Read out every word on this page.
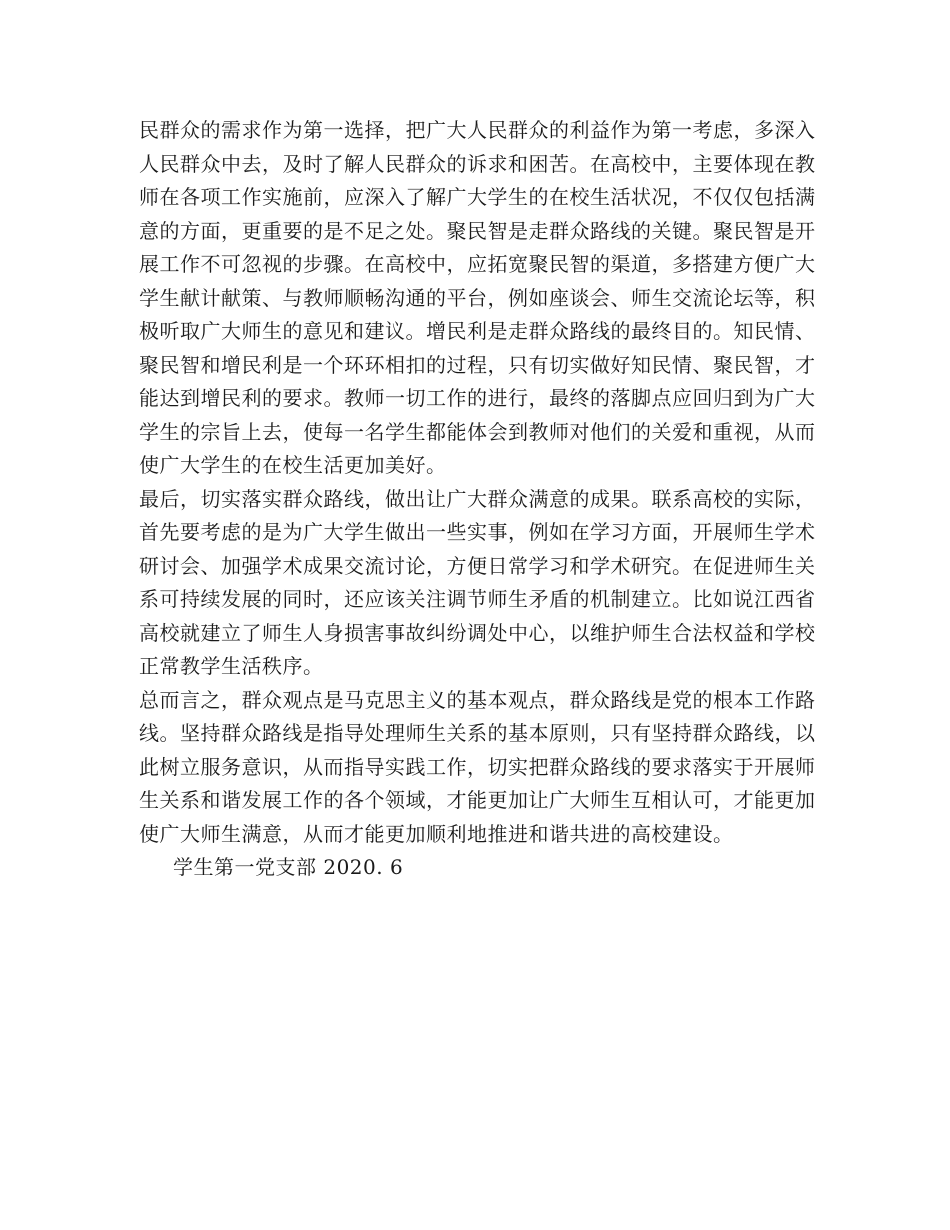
民群众的需求作为第一选择，把广大人民群众的利益作为第一考虑，多深入人民群众中去，及时了解人民群众的诉求和困苦。在高校中，主要体现在教师在各项工作实施前，应深入了解广大学生的在校生活状况，不仅仅包括满意的方面，更重要的是不足之处。聚民智是走群众路线的关键。聚民智是开展工作不可忽视的步骤。在高校中，应拓宽聚民智的渠道，多搭建方便广大学生献计献策、与教师顺畅沟通的平台，例如座谈会、师生交流论坛等，积极听取广大师生的意见和建议。增民利是走群众路线的最终目的。知民情、聚民智和增民利是一个环环相扣的过程，只有切实做好知民情、聚民智，才能达到增民利的要求。教师一切工作的进行，最终的落脚点应回归到为广大学生的宗旨上去，使每一名学生都能体会到教师对他们的关爱和重视，从而使广大学生的在校生活更加美好。

最后，切实落实群众路线，做出让广大群众满意的成果。联系高校的实际，首先要考虑的是为广大学生做出一些实事，例如在学习方面，开展师生学术研讨会、加强学术成果交流讨论，方便日常学习和学术研究。在促进师生关系可持续发展的同时，还应该关注调节师生矛盾的机制建立。比如说江西省高校就建立了师生人身损害事故纠纷调处中心，以维护师生合法权益和学校正常教学生活秩序。

总而言之，群众观点是马克思主义的基本观点，群众路线是党的根本工作路线。坚持群众路线是指导处理师生关系的基本原则，只有坚持群众路线，以此树立服务意识，从而指导实践工作，切实把群众路线的要求落实于开展师生关系和谐发展工作的各个领域，才能更加让广大师生互相认可，才能更加使广大师生满意，从而才能更加顺利地推进和谐共进的高校建设。

学生第一党支部 2020. 6
